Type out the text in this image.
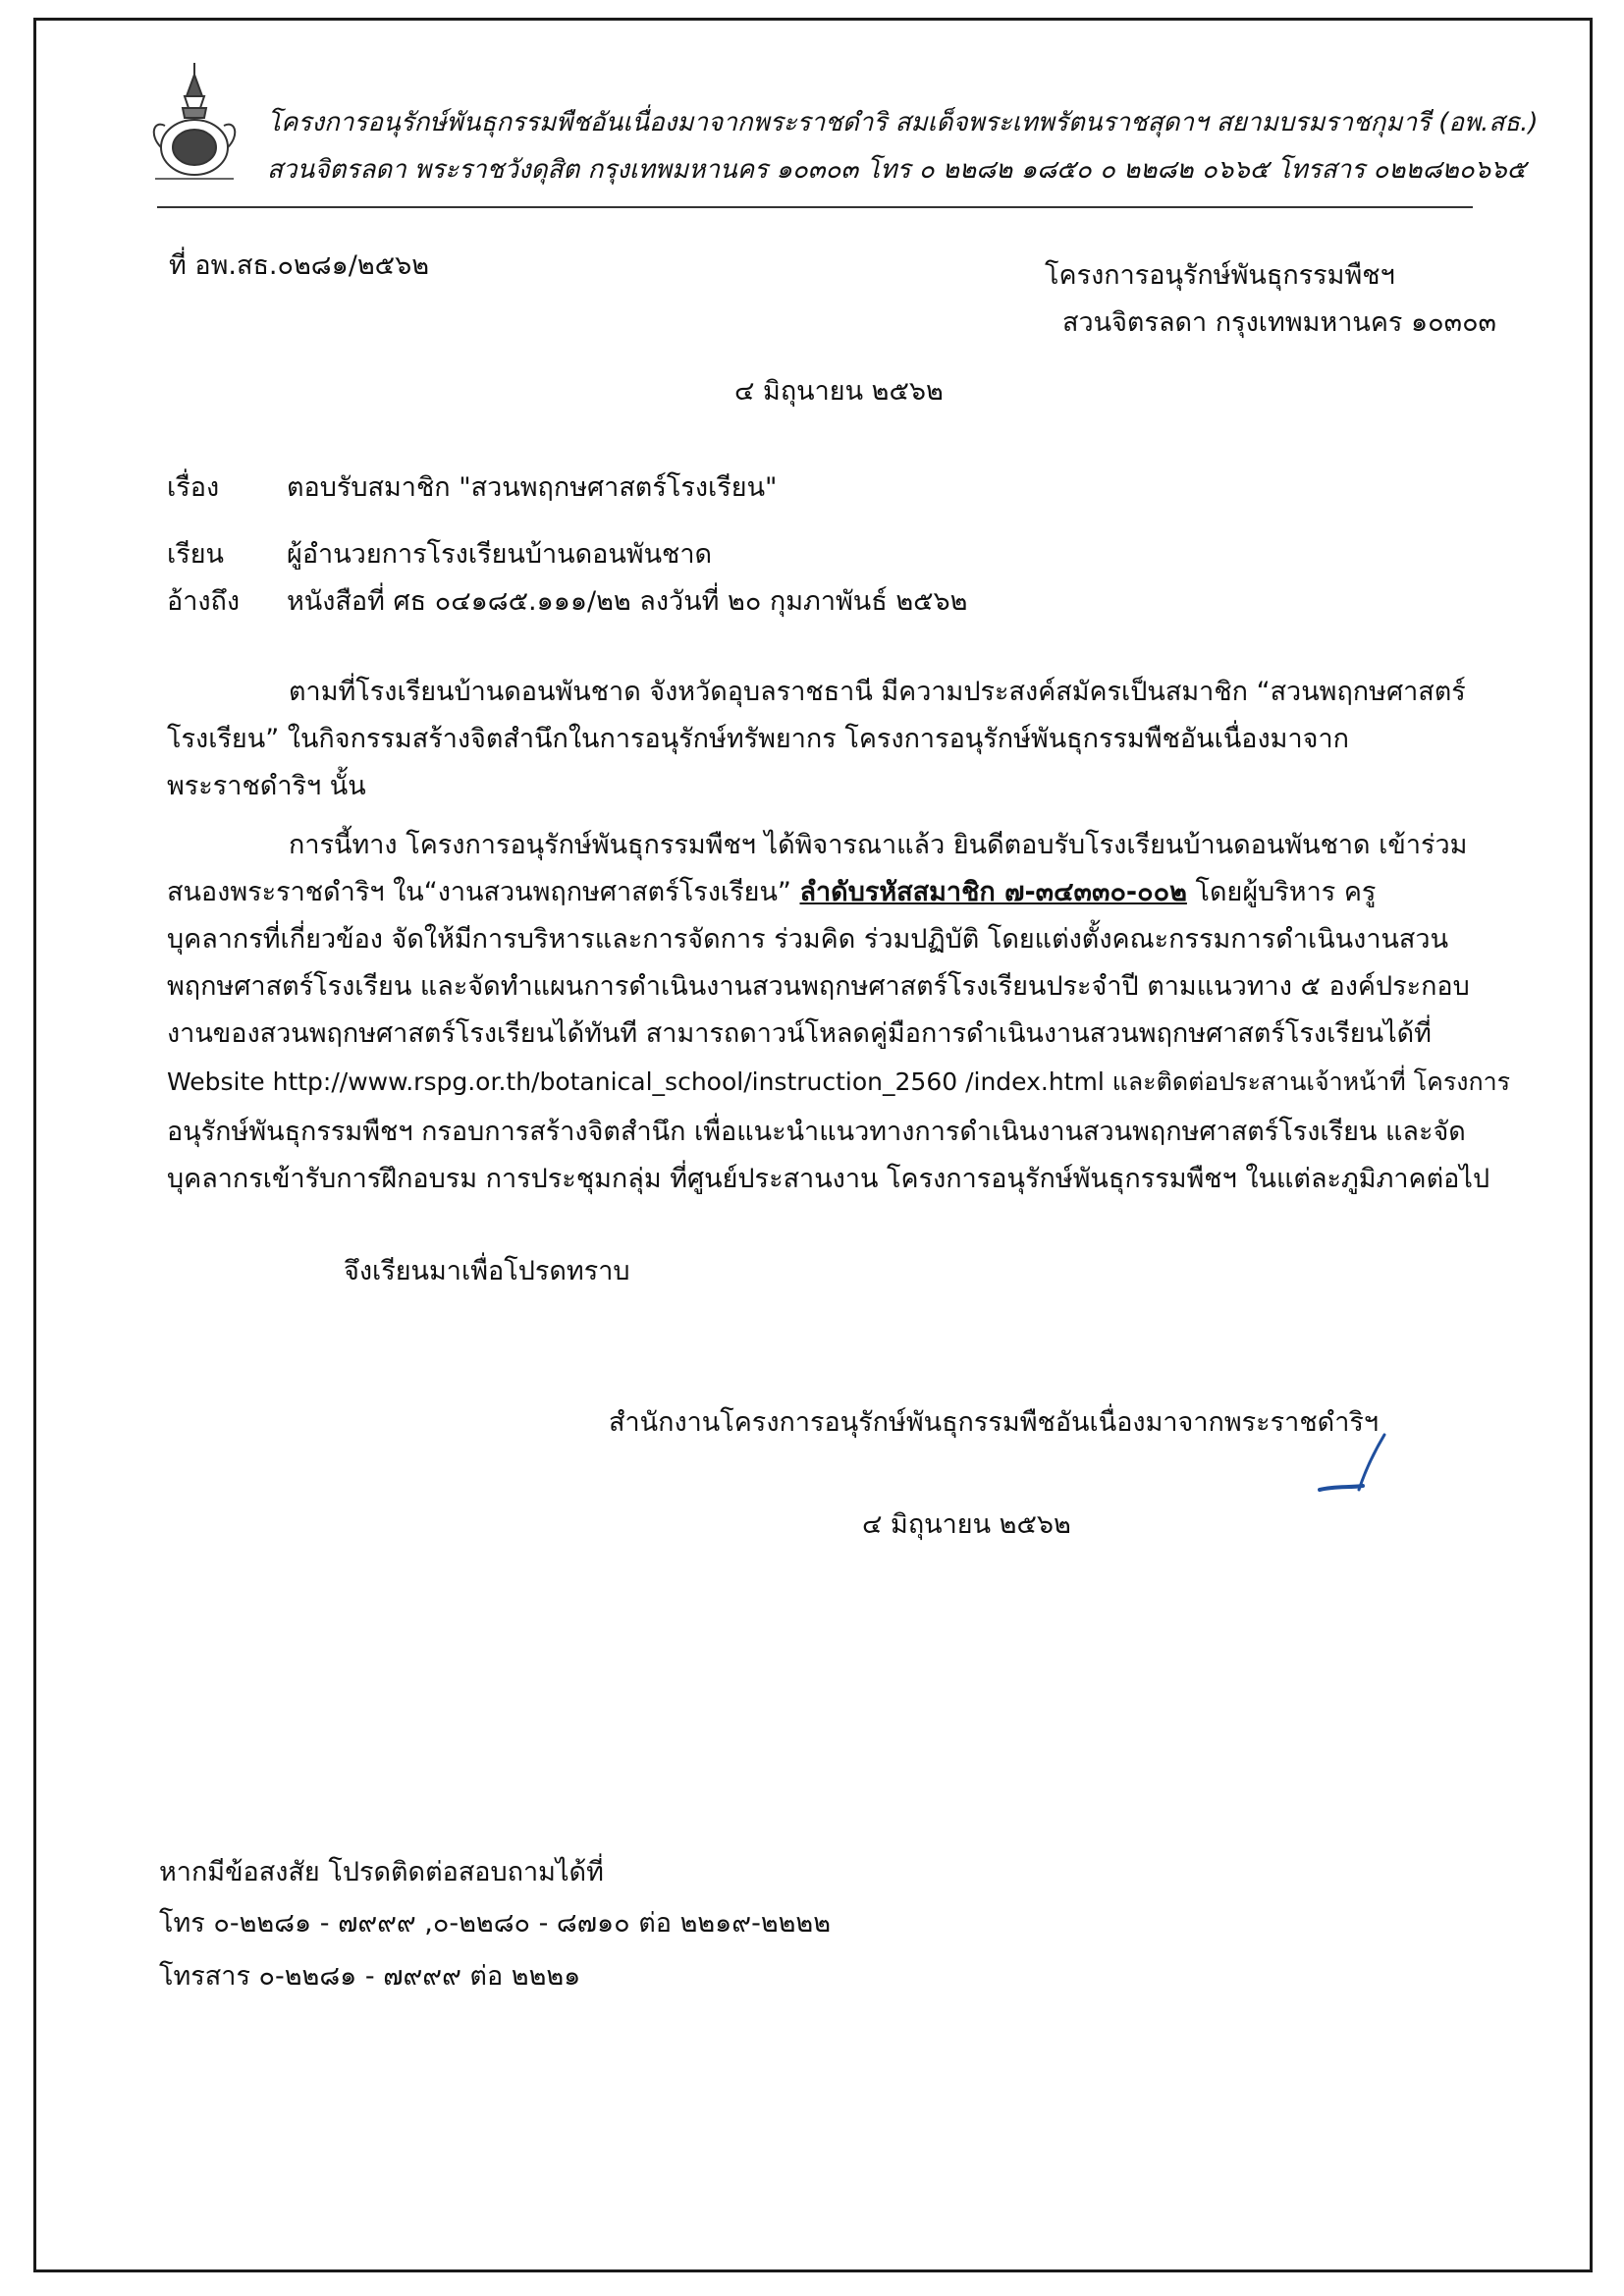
โครงการอนุรักษ์พันธุกรรมพืชอันเนื่องมาจากพระราชดำริ สมเด็จพระเทพรัตนราชสุดาฯ สยามบรมราชกุมารี (อพ.สธ.)
สวนจิตรลดา พระราชวังดุสิต กรุงเทพมหานคร ๑๐๓๐๓ โทร ๐ ๒๒๘๒ ๑๘๕๐ ๐ ๒๒๘๒ ๐๖๖๕ โทรสาร ๐๒๒๘๒๐๖๖๕
ที่ อพ.สธ.๐๒๘๑/๒๕๖๒	โครงการอนุรักษ์พันธุกรรมพืชฯ
สวนจิตรลดา กรุงเทพมหานคร ๑๐๓๐๓
๔ มิถุนายน ๒๕๖๒
เรื่อง	ตอบรับสมาชิก "สวนพฤกษศาสตร์โรงเรียน"
เรียน ผู้อำนวยการโรงเรียนบ้านดอนพันชาด
อ้างถึง หนังสือที่ ศธ ๐๔๑๘๕.๑๑๑/๒๒ ลงวันที่ ๒๐ กุมภาพันธ์ ๒๕๖๒
ตามที่โรงเรียนบ้านดอนพันชาด จังหวัดอุบลราชธานี มีความประสงค์สมัครเป็นสมาชิก “สวนพฤกษศาสตร์
โรงเรียน” ในกิจกรรมสร้างจิตสำนึกในการอนุรักษ์ทรัพยากร โครงการอนุรักษ์พันธุกรรมพืชอันเนื่องมาจาก
พระราชดำริฯ นั้น
การนี้ทาง โครงการอนุรักษ์พันธุกรรมพืชฯ ได้พิจารณาแล้ว ยินดีตอบรับโรงเรียนบ้านดอนพันชาด เข้าร่วม
สนองพระราชดำริฯ ใน“งานสวนพฤกษศาสตร์โรงเรียน” ลำดับรหัสสมาชิก ๗-๓๔๓๓๐-๐๐๒ โดยผู้บริหาร ครู
บุคลากรที่เกี่ยวข้อง จัดให้มีการบริหารและการจัดการ ร่วมคิด ร่วมปฏิบัติ โดยแต่งตั้งคณะกรรมการดำเนินงานสวน
พฤกษศาสตร์โรงเรียน และจัดทำแผนการดำเนินงานสวนพฤกษศาสตร์โรงเรียนประจำปี ตามแนวทาง ๕ องค์ประกอบ
งานของสวนพฤกษศาสตร์โรงเรียนได้ทันที สามารถดาวน์โหลดคู่มือการดำเนินงานสวนพฤกษศาสตร์โรงเรียนได้ที่
Website http://www.rspg.or.th/botanical_school/instruction_2560 /index.html และติดต่อประสานเจ้าหน้าที่ โครงการ
อนุรักษ์พันธุกรรมพืชฯ กรอบการสร้างจิตสำนึก เพื่อแนะนำแนวทางการดำเนินงานสวนพฤกษศาสตร์โรงเรียน และจัด
บุคลากรเข้ารับการฝึกอบรม การประชุมกลุ่ม ที่ศูนย์ประสานงาน โครงการอนุรักษ์พันธุกรรมพืชฯ ในแต่ละภูมิภาคต่อไป
จึงเรียนมาเพื่อโปรดทราบ
สำนักงานโครงการอนุรักษ์พันธุกรรมพืชอันเนื่องมาจากพระราชดำริฯ
๔ มิถุนายน ๒๕๖๒
หากมีข้อสงสัย โปรดติดต่อสอบถามได้ที่
โทร ๐-๒๒๘๑ - ๗๙๙๙ ,๐-๒๒๘๐ - ๘๗๑๐ ต่อ ๒๒๑๙-๒๒๒๒
โทรสาร ๐-๒๒๘๑ - ๗๙๙๙ ต่อ ๒๒๒๑
